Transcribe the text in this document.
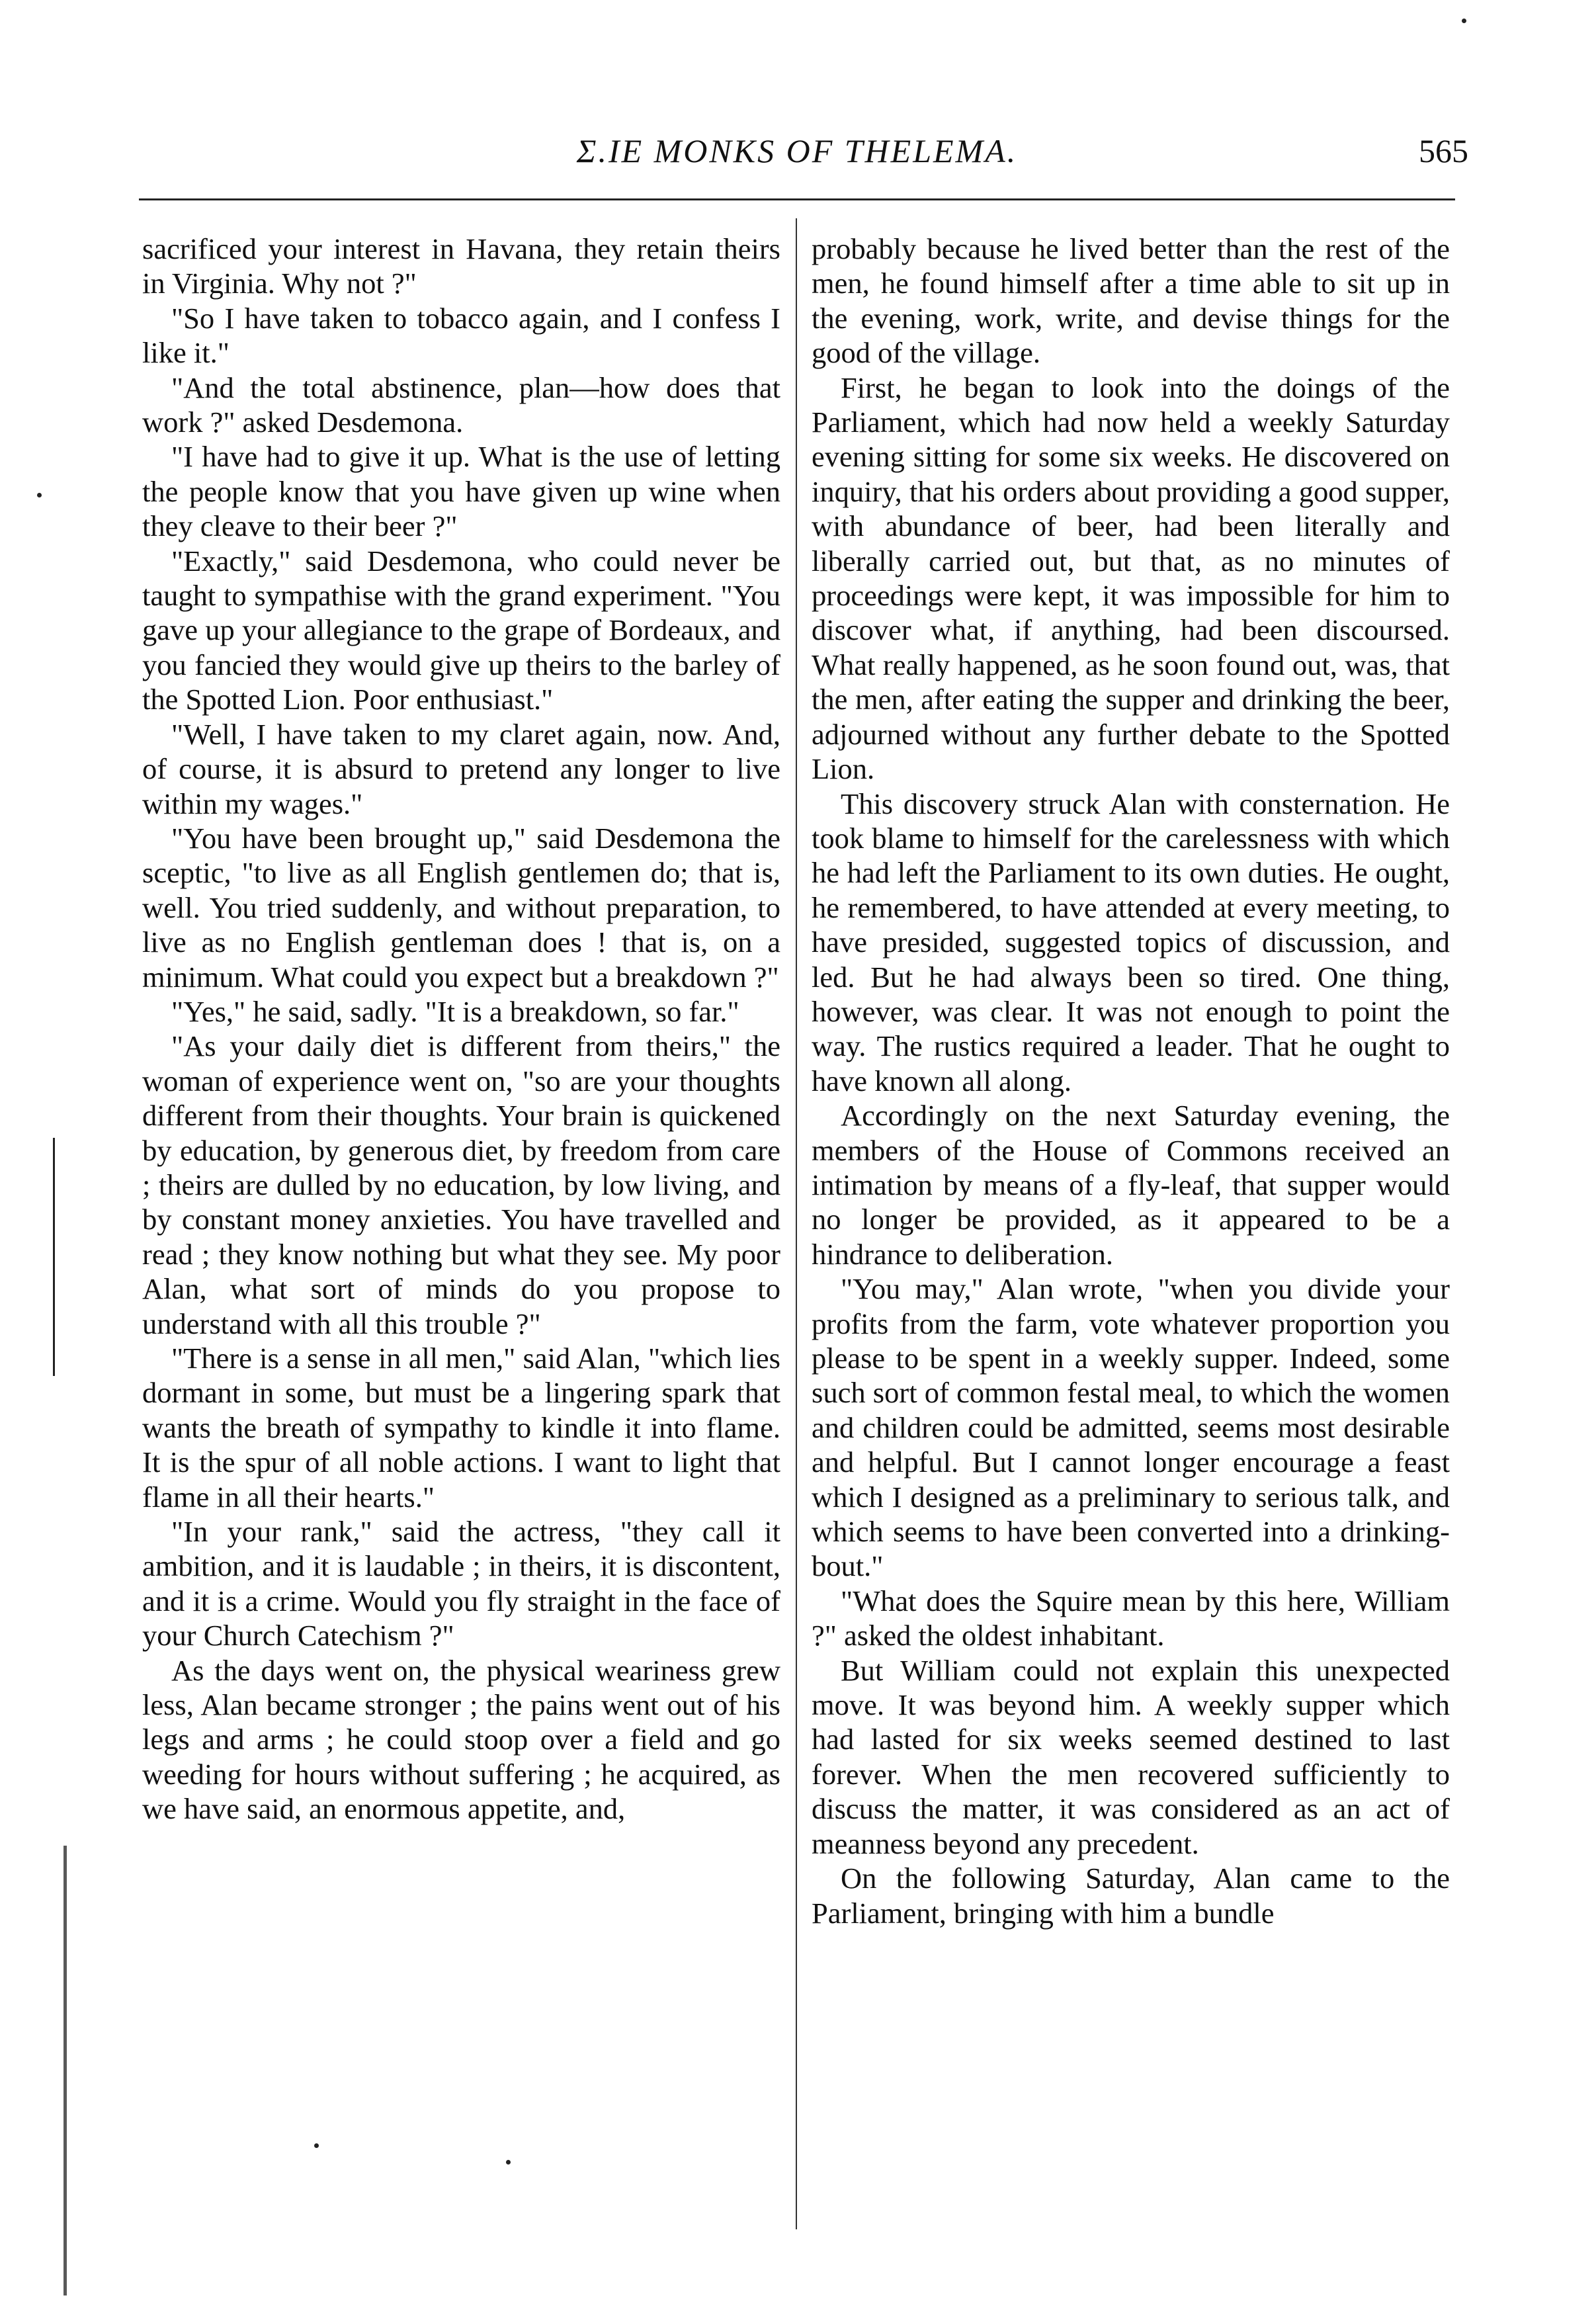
Σ.IE MONKS OF THELEMA.	565

sacrificed your interest in Havana, they retain theirs in Virginia. Why not ?"

"So I have taken to tobacco again, and I confess I like it."

"And the total abstinence, plan—how does that work ?" asked Desdemona.

"I have had to give it up. What is the use of letting the people know that you have given up wine when they cleave to their beer ?"

"Exactly," said Desdemona, who could never be taught to sympathise with the grand experiment. "You gave up your allegiance to the grape of Bordeaux, and you fancied they would give up theirs to the barley of the Spotted Lion. Poor enthusiast."

"Well, I have taken to my claret again, now. And, of course, it is absurd to pretend any longer to live within my wages."

"You have been brought up," said Desdemona the sceptic, "to live as all English gentlemen do; that is, well. You tried suddenly, and without preparation, to live as no English gentleman does ! that is, on a minimum. What could you expect but a breakdown ?"

"Yes," he said, sadly. "It is a breakdown, so far."

"As your daily diet is different from theirs," the woman of experience went on, "so are your thoughts different from their thoughts. Your brain is quickened by education, by generous diet, by freedom from care ; theirs are dulled by no education, by low living, and by constant money anxieties. You have travelled and read ; they know nothing but what they see. My poor Alan, what sort of minds do you propose to understand with all this trouble ?"

"There is a sense in all men," said Alan, "which lies dormant in some, but must be a lingering spark that wants the breath of sympathy to kindle it into flame. It is the spur of all noble actions. I want to light that flame in all their hearts."

"In your rank," said the actress, "they call it ambition, and it is laudable ; in theirs, it is discontent, and it is a crime. Would you fly straight in the face of your Church Catechism ?"

As the days went on, the physical weariness grew less, Alan became stronger ; the pains went out of his legs and arms ; he could stoop over a field and go weeding for hours without suffering ; he acquired, as we have said, an enormous appetite, and,

probably because he lived better than the rest of the men, he found himself after a time able to sit up in the evening, work, write, and devise things for the good of the village.

First, he began to look into the doings of the Parliament, which had now held a weekly Saturday evening sitting for some six weeks. He discovered on inquiry, that his orders about providing a good supper, with abundance of beer, had been literally and liberally carried out, but that, as no minutes of proceedings were kept, it was impossible for him to discover what, if anything, had been discoursed. What really happened, as he soon found out, was, that the men, after eating the supper and drinking the beer, adjourned without any further debate to the Spotted Lion.

This discovery struck Alan with consternation. He took blame to himself for the carelessness with which he had left the Parliament to its own duties. He ought, he remembered, to have attended at every meeting, to have presided, suggested topics of discussion, and led. But he had always been so tired. One thing, however, was clear. It was not enough to point the way. The rustics required a leader. That he ought to have known all along.

Accordingly on the next Saturday evening, the members of the House of Commons received an intimation by means of a fly-leaf, that supper would no longer be provided, as it appeared to be a hindrance to deliberation.

"You may," Alan wrote, "when you divide your profits from the farm, vote whatever proportion you please to be spent in a weekly supper. Indeed, some such sort of common festal meal, to which the women and children could be admitted, seems most desirable and helpful. But I cannot longer encourage a feast which I designed as a preliminary to serious talk, and which seems to have been converted into a drinking-bout."

"What does the Squire mean by this here, William ?" asked the oldest inhabitant.

But William could not explain this unexpected move. It was beyond him. A weekly supper which had lasted for six weeks seemed destined to last forever. When the men recovered sufficiently to discuss the matter, it was considered as an act of meanness beyond any precedent.

On the following Saturday, Alan came to the Parliament, bringing with him a bundle
